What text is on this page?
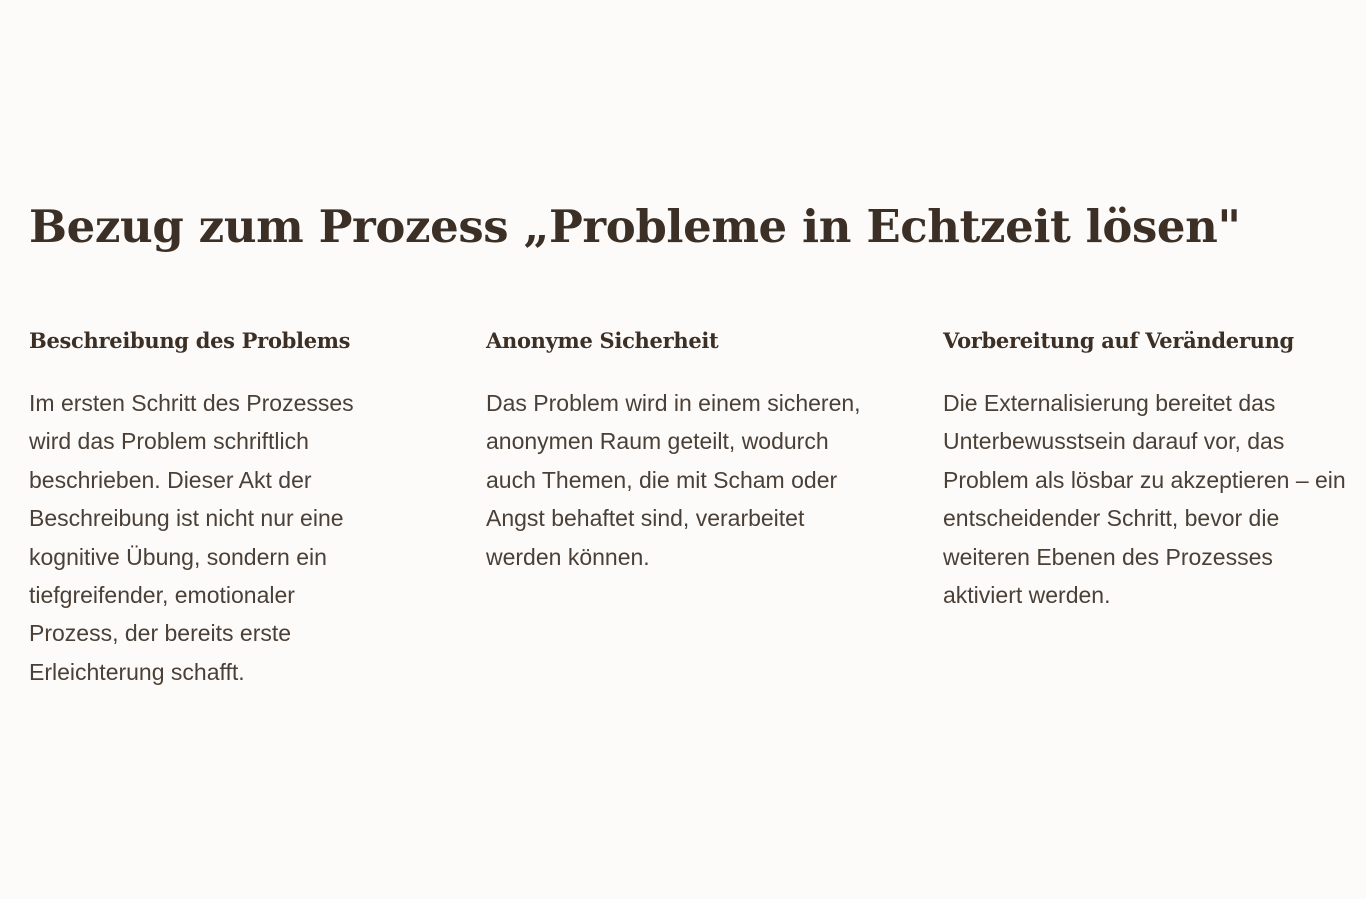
Bezug zum Prozess „Probleme in Echtzeit lösen"
Beschreibung des Problems

Im ersten Schritt des Prozesses wird das Problem schriftlich beschrieben. Dieser Akt der Beschreibung ist nicht nur eine kognitive Übung, sondern ein tiefgreifender, emotionaler Prozess, der bereits erste Erleichterung schafft.

Anonyme Sicherheit

Das Problem wird in einem sicheren, anonymen Raum geteilt, wodurch auch Themen, die mit Scham oder Angst behaftet sind, verarbeitet werden können.

Vorbereitung auf Veränderung

Die Externalisierung bereitet das Unterbewusstsein darauf vor, das Problem als lösbar zu akzeptieren – ein entscheidender Schritt, bevor die weiteren Ebenen des Prozesses aktiviert werden.
